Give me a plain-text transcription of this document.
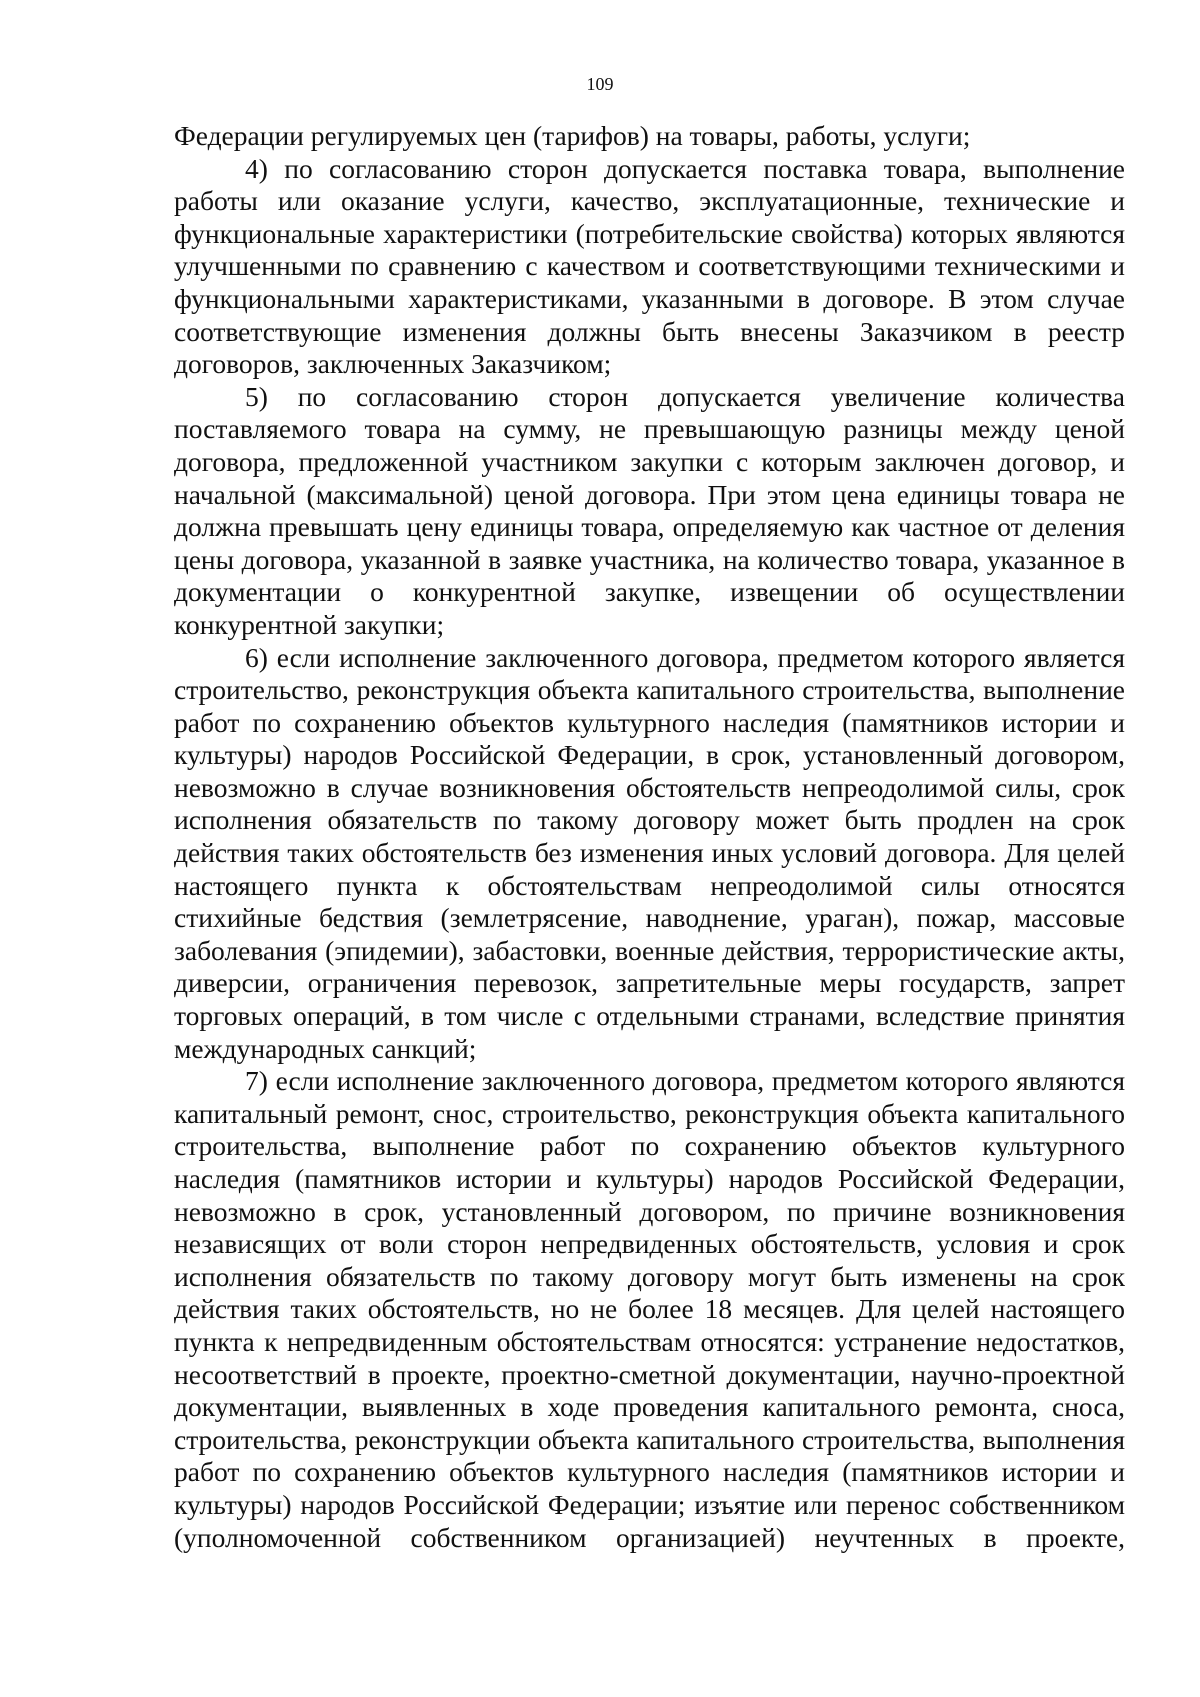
109

Федерации регулируемых цен (тарифов) на товары, работы, услуги;

4) по согласованию сторон допускается поставка товара, выполнение работы или оказание услуги, качество, эксплуатационные, технические и функциональные характеристики (потребительские свойства) которых являются улучшенными по сравнению с качеством и соответствующими техническими и функциональными характеристиками, указанными в договоре. В этом случае соответствующие изменения должны быть внесены Заказчиком в реестр договоров, заключенных Заказчиком;

5) по согласованию сторон допускается увеличение количества поставляемого товара на сумму, не превышающую разницы между ценой договора, предложенной участником закупки с которым заключен договор, и начальной (максимальной) ценой договора. При этом цена единицы товара не должна превышать цену единицы товара, определяемую как частное от деления цены договора, указанной в заявке участника, на количество товара, указанное в документации о конкурентной закупке, извещении об осуществлении конкурентной закупки;

6) если исполнение заключенного договора, предметом которого является строительство, реконструкция объекта капитального строительства, выполнение работ по сохранению объектов культурного наследия (памятников истории и культуры) народов Российской Федерации, в срок, установленный договором, невозможно в случае возникновения обстоятельств непреодолимой силы, срок исполнения обязательств по такому договору может быть продлен на срок действия таких обстоятельств без изменения иных условий договора. Для целей настоящего пункта к обстоятельствам непреодолимой силы относятся стихийные бедствия (землетрясение, наводнение, ураган), пожар, массовые заболевания (эпидемии), забастовки, военные действия, террористические акты, диверсии, ограничения перевозок, запретительные меры государств, запрет торговых операций, в том числе с отдельными странами, вследствие принятия международных санкций;

7) если исполнение заключенного договора, предметом которого являются капитальный ремонт, снос, строительство, реконструкция объекта капитального строительства, выполнение работ по сохранению объектов культурного наследия (памятников истории и культуры) народов Российской Федерации, невозможно в срок, установленный договором, по причине возникновения независящих от воли сторон непредвиденных обстоятельств, условия и срок исполнения обязательств по такому договору могут быть изменены на срок действия таких обстоятельств, но не более 18 месяцев. Для целей настоящего пункта к непредвиденным обстоятельствам относятся: устранение недостатков, несоответствий в проекте, проектно-сметной документации, научно-проектной документации, выявленных в ходе проведения капитального ремонта, сноса, строительства, реконструкции объекта капитального строительства, выполнения работ по сохранению объектов культурного наследия (памятников истории и культуры) народов Российской Федерации; изъятие или перенос собственником (уполномоченной собственником организацией) неучтенных в проекте,
